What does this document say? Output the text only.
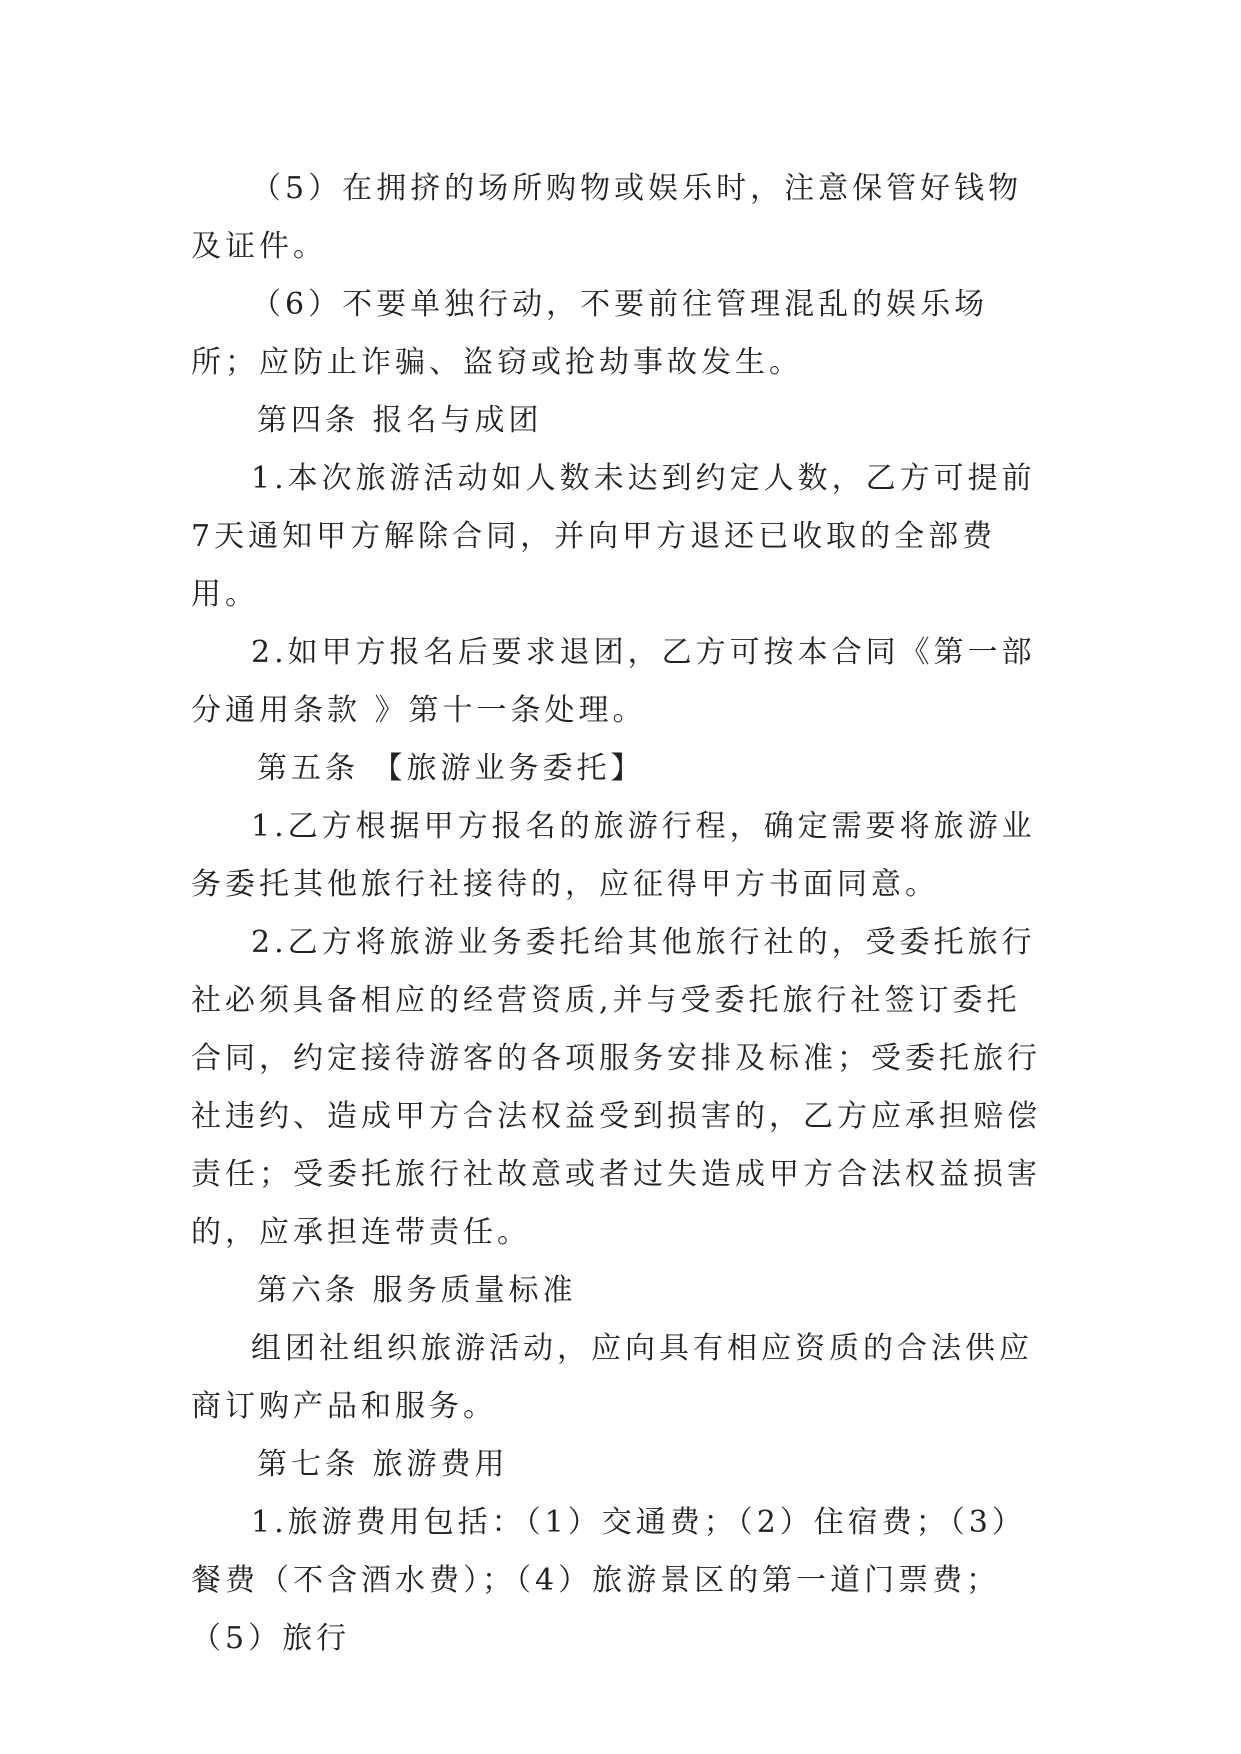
（5）在拥挤的场所购物或娱乐时，注意保管好钱物及证件。

（6）不要单独行动，不要前往管理混乱的娱乐场所；应防止诈骗、盗窃或抢劫事故发生。

第四条 报名与成团

1.本次旅游活动如人数未达到约定人数，乙方可提前7天通知甲方解除合同，并向甲方退还已收取的全部费用。

2.如甲方报名后要求退团，乙方可按本合同《第一部分通用条款 》第十一条处理。

第五条 【旅游业务委托】

1.乙方根据甲方报名的旅游行程，确定需要将旅游业务委托其他旅行社接待的，应征得甲方书面同意。

2.乙方将旅游业务委托给其他旅行社的，受委托旅行社必须具备相应的经营资质,并与受委托旅行社签订委托合同，约定接待游客的各项服务安排及标准；受委托旅行社违约、造成甲方合法权益受到损害的，乙方应承担赔偿责任；受委托旅行社故意或者过失造成甲方合法权益损害的，应承担连带责任。

第六条 服务质量标准

组团社组织旅游活动，应向具有相应资质的合法供应商订购产品和服务。

第七条 旅游费用

1.旅游费用包括：（1）交通费；（2）住宿费；（3）餐费（不含酒水费）；（4）旅游景区的第一道门票费；（5）旅行
